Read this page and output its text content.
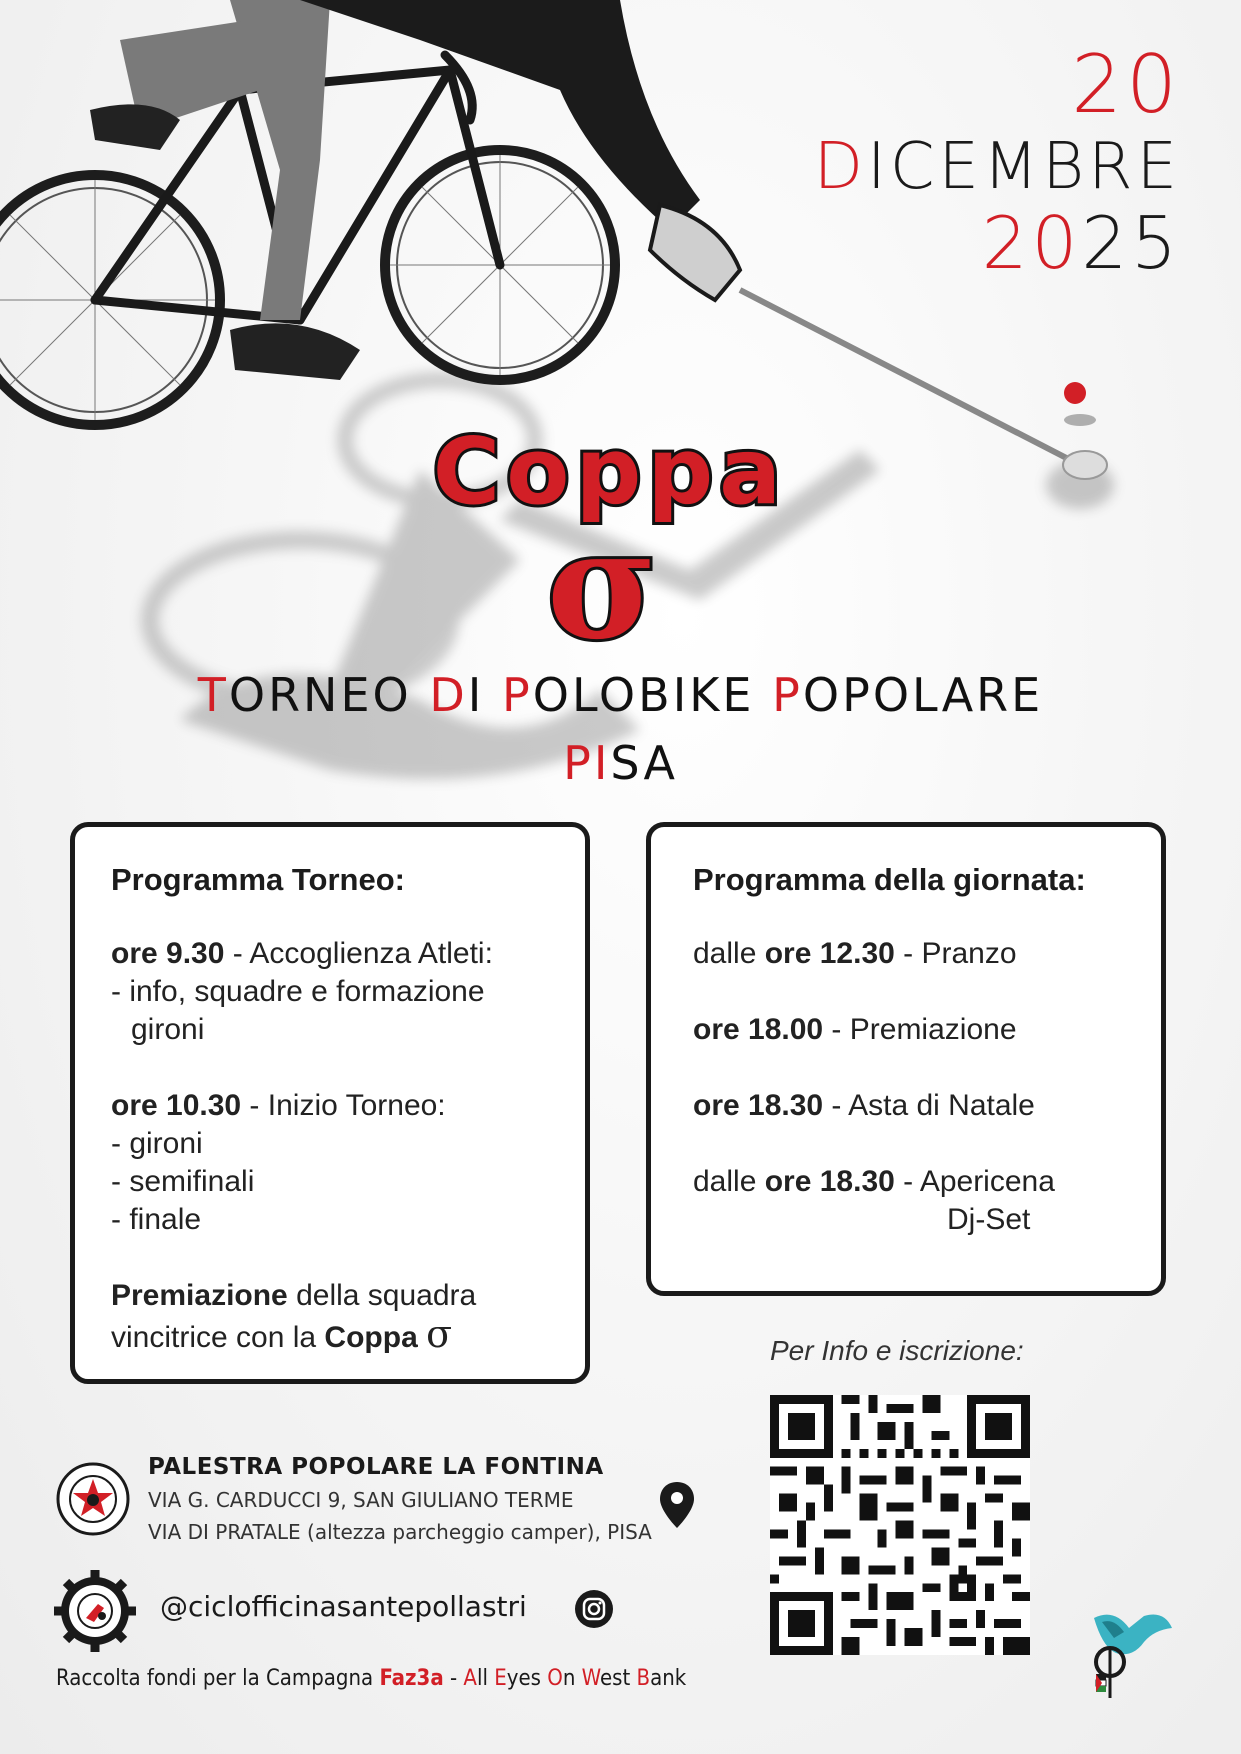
20
DICEMBRE
2025
Coppa
σ
TORNEO DI POLOBIKE POPOLARE
PISA
Programma Torneo:

ore 9.30 - Accoglienza Atleti:

- info, squadre e formazione

gironi

ore 10.30 - Inizio Torneo:

- gironi

- semifinali

- finale

Premiazione della squadra

vincitrice con la Coppa σ

Programma della giornata:

dalle ore 12.30 - Pranzo

ore 18.00 - Premiazione

ore 18.30 - Asta di Natale

dalle ore 18.30 - Apericena

Dj-Set

Per Info e iscrizione:
PALESTRA POPOLARE LA FONTINA
VIA G. CARDUCCI 9, SAN GIULIANO TERME
VIA DI PRATALE (altezza parcheggio camper), PISA
@ciclofficinasantepollastri
Raccolta fondi per la Campagna Faz3a - All Eyes On West Bank
